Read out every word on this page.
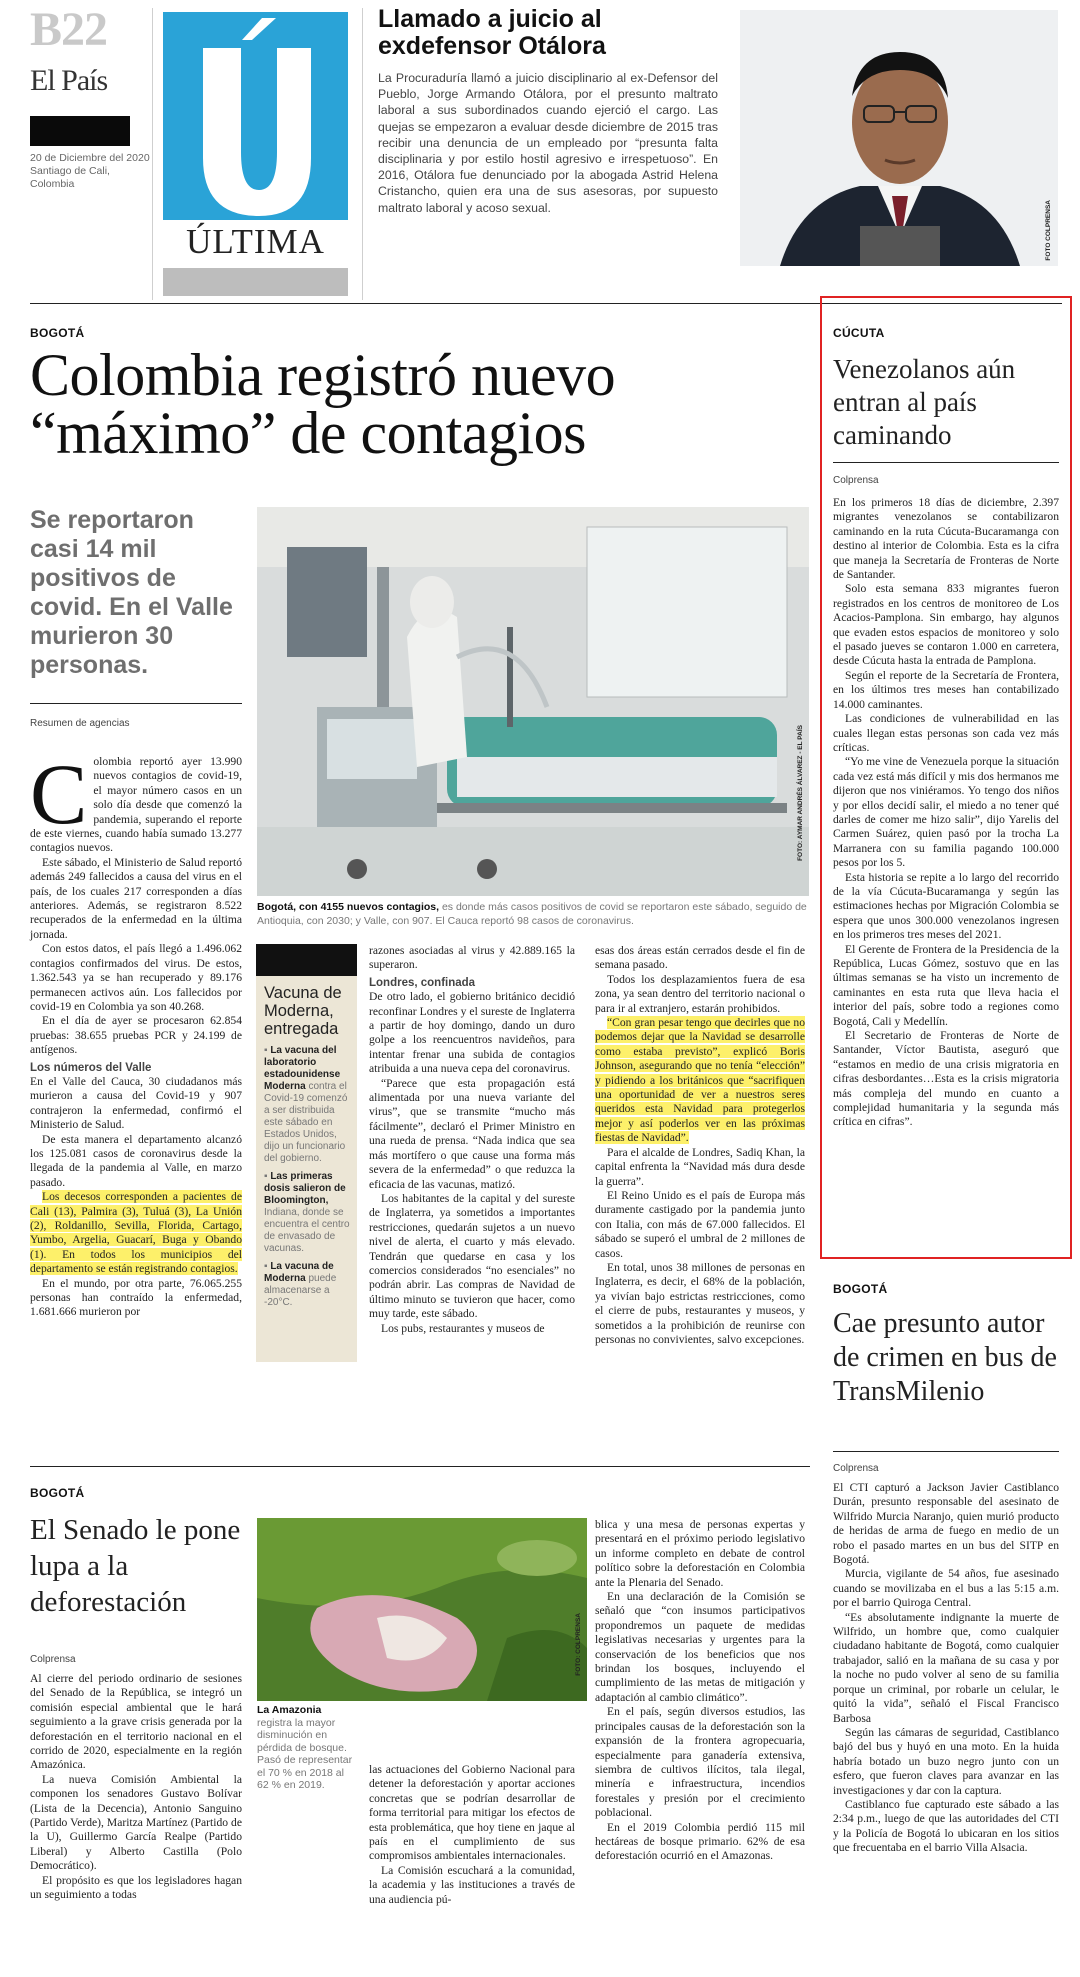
B22
El País
20 de Diciembre del 2020
Santiago de Cali, Colombia
ÚLTIMA
Llamado a juicio al exdefensor Otálora
La Procuraduría llamó a juicio disciplinario al ex-Defensor del Pueblo, Jorge Armando Otálora, por el presunto maltrato laboral a sus subordinados cuando ejerció el cargo. Las quejas se empezaron a evaluar desde diciembre de 2015 tras recibir una denuncia de un empleado por “presunta falta disciplinaria y por estilo hostil agresivo e irrespetuoso”. En 2016, Otálora fue denunciado por la abogada Astrid Helena Cristancho, quien era una de sus asesoras, por supuesto maltrato laboral y acoso sexual.	FOTO COLPRENSA
BOGOTÁ
Colombia registró nuevo “máximo” de contagios
Se reportaron casi 14 mil positivos de covid. En el Valle murieron 30 personas.
Resumen de agencias
FOTO: AYMAR ANDRÉS ÁLVAREZ - EL PAÍS
Bogotá, con 4155 nuevos contagios, es donde más casos positivos de covid se reportaron este sábado, seguido de Antioquia, con 2030; y Valle, con 907. El Cauca reportó 98 casos de coronavirus.
C olombia reportó ayer 13.990 nuevos contagios de covid-19, el mayor número casos en un solo día desde que comenzó la pandemia, superando el reporte de este viernes, cuando había sumado 13.277 contagios nuevos.

Este sábado, el Ministerio de Salud reportó además 249 fallecidos a causa del virus en el país, de los cuales 217 corresponden a días anteriores. Además, se registraron 8.522 recuperados de la enfermedad en la última jornada.

Con estos datos, el país llegó a 1.496.062 contagios confirmados del virus. De estos, 1.362.543 ya se han recuperado y 89.176 permanecen activos aún. Los fallecidos por covid-19 en Colombia ya son 40.268.

En el día de ayer se procesaron 62.854 pruebas: 38.655 pruebas PCR y 24.199 de antígenos.

Los números del Valle

En el Valle del Cauca, 30 ciudadanos más murieron a causa del Covid-19 y 907 contrajeron la enfermedad, confirmó el Ministerio de Salud.

De esta manera el departamento alcanzó los 125.081 casos de coronavirus desde la llegada de la pandemia al Valle, en marzo pasado.

Los decesos corresponden a pacientes de Cali (13), Palmira (3), Tuluá (3), La Unión (2), Roldanillo, Sevilla, Florida, Cartago, Yumbo, Argelia, Guacarí, Buga y Obando (1). En todos los municipios del departamento se están registrando contagios.

En el mundo, por otra parte, 76.065.255 personas han contraído la enfermedad, 1.681.666 murieron por

Vacuna de Moderna, entregada
▪ La vacuna del laboratorio estadounidense Moderna contra el Covid-19 comenzó a ser distribuida este sábado en Estados Unidos, dijo un funcionario del gobierno.
▪ Las primeras dosis salieron de Bloomington, Indiana, donde se encuentra el centro de envasado de vacunas.
▪ La vacuna de Moderna puede almacenarse a -20°C.

razones asociadas al virus y 42.889.165 la superaron.

Londres, confinada

De otro lado, el gobierno británico decidió reconfinar Londres y el sureste de Inglaterra a partir de hoy domingo, dando un duro golpe a los reencuentros navideños, para intentar frenar una subida de contagios atribuida a una nueva cepa del coronavirus.

“Parece que esta propagación está alimentada por una nueva variante del virus”, que se transmite “mucho más fácilmente”, declaró el Primer Ministro en una rueda de prensa. “Nada indica que sea más mortífero o que cause una forma más severa de la enfermedad” o que reduzca la eficacia de las vacunas, matizó.

Los habitantes de la capital y del sureste de Inglaterra, ya sometidos a importantes restricciones, quedarán sujetos a un nuevo nivel de alerta, el cuarto y más elevado. Tendrán que quedarse en casa y los comercios considerados “no esenciales” no podrán abrir. Las compras de Navidad de último minuto se tuvieron que hacer, como muy tarde, este sábado.

Los pubs, restaurantes y museos de

esas dos áreas están cerrados desde el fin de semana pasado.

Todos los desplazamientos fuera de esa zona, ya sean dentro del territorio nacional o para ir al extranjero, estarán prohibidos.

“Con gran pesar tengo que decirles que no podemos dejar que la Navidad se desarrolle como estaba previsto”, explicó Boris Johnson, asegurando que no tenía “elección” y pidiendo a los británicos que “sacrifiquen una oportunidad de ver a nuestros seres queridos esta Navidad para protegerlos mejor y así poderlos ver en las próximas fiestas de Navidad”.

Para el alcalde de Londres, Sadiq Khan, la capital enfrenta la “Navidad más dura desde la guerra”.

El Reino Unido es el país de Europa más duramente castigado por la pandemia junto con Italia, con más de 67.000 fallecidos. El sábado se superó el umbral de 2 millones de casos.

En total, unos 38 millones de personas en Inglaterra, es decir, el 68% de la población, ya vivían bajo estrictas restricciones, como el cierre de pubs, restaurantes y museos, y sometidos a la prohibición de reunirse con personas no convivientes, salvo excepciones.

CÚCUTA
Venezolanos aún entran al país caminando
Colprensa

En los primeros 18 días de diciembre, 2.397 migrantes venezolanos se contabilizaron caminando en la ruta Cúcuta-Bucaramanga con destino al interior de Colombia. Esta es la cifra que maneja la Secretaría de Fronteras de Norte de Santander.

Solo esta semana 833 migrantes fueron registrados en los centros de monitoreo de Los Acacios-Pamplona. Sin embargo, hay algunos que evaden estos espacios de monitoreo y solo el pasado jueves se contaron 1.000 en carretera, desde Cúcuta hasta la entrada de Pamplona.

Según el reporte de la Secretaría de Frontera, en los últimos tres meses han contabilizado 14.000 caminantes.

Las condiciones de vulnerabilidad en las cuales llegan estas personas son cada vez más críticas.

“Yo me vine de Venezuela porque la situación cada vez está más difícil y mis dos hermanos me dijeron que nos viniéramos. Yo tengo dos niños y por ellos decidí salir, el miedo a no tener qué darles de comer me hizo salir”, dijo Yarelis del Carmen Suárez, quien pasó por la trocha La Marranera con su familia pagando 100.000 pesos por los 5.

Esta historia se repite a lo largo del recorrido de la vía Cúcuta-Bucaramanga y según las estimaciones hechas por Migración Colombia se espera que unos 300.000 venezolanos ingresen en los primeros tres meses del 2021.

El Gerente de Frontera de la Presidencia de la República, Lucas Gómez, sostuvo que en las últimas semanas se ha visto un incremento de caminantes en esta ruta que lleva hacia el interior del país, sobre todo a regiones como Bogotá, Cali y Medellín.

El Secretario de Fronteras de Norte de Santander, Víctor Bautista, aseguró que “estamos en medio de una crisis migratoria en cifras desbordantes…Esta es la crisis migratoria más compleja del mundo en cuanto a complejidad humanitaria y la segunda más crítica en cifras”.

BOGOTÁ
Cae presunto autor de crimen en bus de TransMilenio
Colprensa

El CTI capturó a Jackson Javier Castiblanco Durán, presunto responsable del asesinato de Wilfrido Murcia Naranjo, quien murió producto de heridas de arma de fuego en medio de un robo el pasado martes en un bus del SITP en Bogotá.

Murcia, vigilante de 54 años, fue asesinado cuando se movilizaba en el bus a las 5:15 a.m. por el barrio Quiroga Central.

“Es absolutamente indignante la muerte de Wilfrido, un hombre que, como cualquier ciudadano habitante de Bogotá, como cualquier trabajador, salió en la mañana de su casa y por la noche no pudo volver al seno de su familia porque un criminal, por robarle un celular, le quitó la vida”, señaló el Fiscal Francisco Barbosa

Según las cámaras de seguridad, Castiblanco bajó del bus y huyó en una moto. En la huida habría botado un buzo negro junto con un esfero, que fueron claves para avanzar en las investigaciones y dar con la captura.

Castiblanco fue capturado este sábado a las 2:34 p.m., luego de que las autoridades del CTI y la Policía de Bogotá lo ubicaran en los sitios que frecuentaba en el barrio Villa Alsacia.

BOGOTÁ
El Senado le pone lupa a la deforestación
Colprensa

Al cierre del periodo ordinario de sesiones del Senado de la República, se integró un comisión especial ambiental que le hará seguimiento a la grave crisis generada por la deforestación en el territorio nacional en el corrido de 2020, especialmente en la región Amazónica.

La nueva Comisión Ambiental la componen los senadores Gustavo Bolívar (Lista de la Decencia), Antonio Sanguino (Partido Verde), Maritza Martínez (Partido de la U), Guillermo García Realpe (Partido Liberal) y Alberto Castilla (Polo Democrático).

El propósito es que los legisladores hagan un seguimiento a todas

FOTO: COLPRENSA
La Amazonia registra la mayor disminución en pérdida de bosque. Pasó de representar el 70 % en 2018 al 62 % en 2019.

las actuaciones del Gobierno Nacional para detener la deforestación y aportar acciones concretas que se podrían desarrollar de forma territorial para mitigar los efectos de esta problemática, que hoy tiene en jaque al país en el cumplimiento de sus compromisos ambientales internacionales.

La Comisión escuchará a la comunidad, la academia y las instituciones a través de una audiencia pú-

blica y una mesa de personas expertas y presentará en el próximo periodo legislativo un informe completo en debate de control político sobre la deforestación en Colombia ante la Plenaria del Senado.

En una declaración de la Comisión se señaló que “con insumos participativos propondremos un paquete de medidas legislativas necesarias y urgentes para la conservación de los beneficios que nos brindan los bosques, incluyendo el cumplimiento de las metas de mitigación y adaptación al cambio climático”.

En el país, según diversos estudios, las principales causas de la deforestación son la expansión de la frontera agropecuaria, especialmente para ganadería extensiva, siembra de cultivos ilícitos, tala ilegal, minería e infraestructura, incendios forestales y presión por el crecimiento poblacional.

En el 2019 Colombia perdió 115 mil hectáreas de bosque primario. 62% de esa deforestación ocurrió en el Amazonas.
